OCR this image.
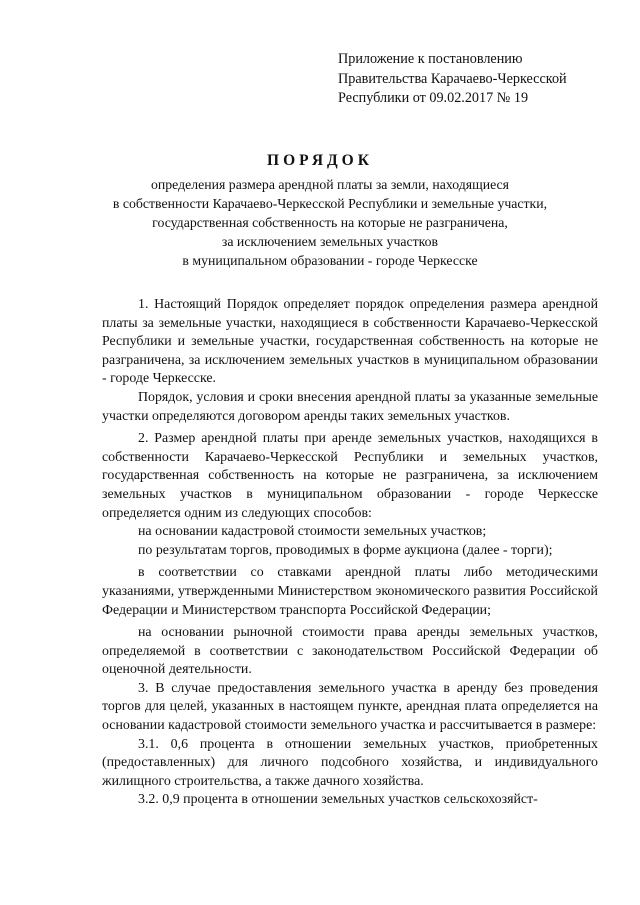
Приложение к постановлению
Правительства Карачаево-Черкесской
Республики от 09.02.2017 № 19
ПОРЯДОК
определения размера арендной платы за земли, находящиеся
в собственности Карачаево-Черкесской Республики и земельные участки,
государственная собственность на которые не разграничена,
за исключением земельных участков
в муниципальном образовании - городе Черкесске

1. Настоящий Порядок определяет порядок определения размера арендной платы за земельные участки, находящиеся в собственности Карачаево-Черкесской Республики и земельные участки, государственная собственность на которые не разграничена, за исключением земельных участков в муниципальном образовании - городе Черкесске.

Порядок, условия и сроки внесения арендной платы за указанные земельные участки определяются договором аренды таких земельных участков.

2. Размер арендной платы при аренде земельных участков, находящихся в собственности Карачаево-Черкесской Республики и земельных участков, государственная собственность на которые не разграничена, за исключением земельных участков в муниципальном образовании - городе Черкесске определяется одним из следующих способов:

на основании кадастровой стоимости земельных участков;

по результатам торгов, проводимых в форме аукциона (далее - торги);

в соответствии со ставками арендной платы либо методическими указаниями, утвержденными Министерством экономического развития Российской Федерации и Министерством транспорта Российской Федерации;

на основании рыночной стоимости права аренды земельных участков, определяемой в соответствии с законодательством Российской Федерации об оценочной деятельности.

3. В случае предоставления земельного участка в аренду без проведения торгов для целей, указанных в настоящем пункте, арендная плата определяется на основании кадастровой стоимости земельного участка и рассчитывается в размере:

3.1. 0,6 процента в отношении земельных участков, приобретенных (предоставленных) для личного подсобного хозяйства, и индивидуального жилищного строительства, а также дачного хозяйства.

3.2. 0,9 процента в отношении земельных участков сельскохозяйст-
